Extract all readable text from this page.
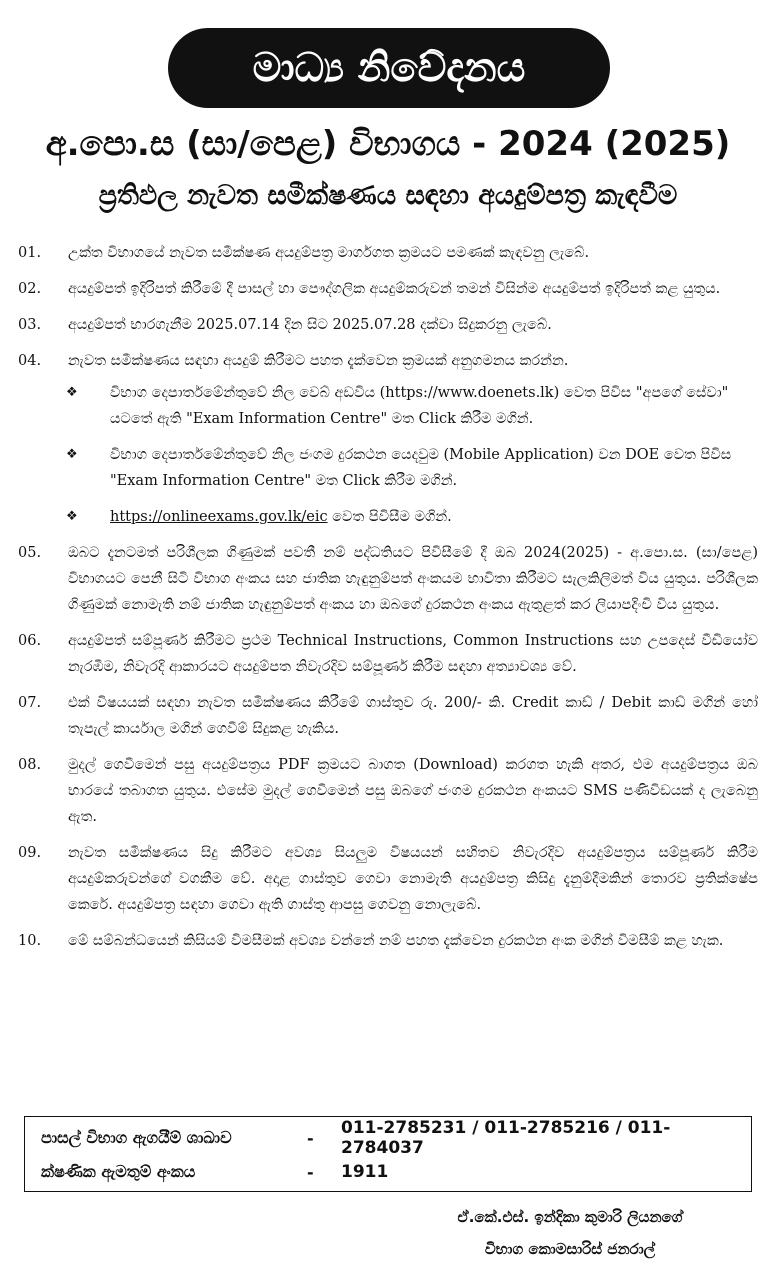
මාධ්‍ය නිවේදනය
අ.පො.ස (සා/පෙළ) විභාගය - 2024 (2025)
ප්‍රතිඵල නැවත සමීක්ෂණය සඳහා අයදුම්පත්‍ර කැඳවීම
01.	උක්ත විභාගයේ නැවත සමීක්ෂණ අයදුම්පත්‍ර මාර්ගගත ක්‍රමයට පමණක් කැඳවනු ලැබේ.
02.	අයදුම්පත් ඉදිරිපත් කිරීමේ දී පාසල් හා පෞද්ගලික අයදුම්කරුවන් තමන් විසින්ම අයදුම්පත් ඉදිරිපත් කළ යුතුය.
03.	අයදුම්පත් භාරගැනීම 2025.07.14 දින සිට 2025.07.28 දක්වා සිදුකරනු ලැබේ.
04.	නැවත සමීක්ෂණය සඳහා අයදුම් කිරීමට පහත දැක්වෙන ක්‍රමයක් අනුගමනය කරන්න.
❖	විභාග දෙපාර්තමේන්තුවේ නිල වෙබ් අඩවිය (https://www.doenets.lk) වෙත පිවිස "අපගේ සේවා" යටතේ ඇති "Exam Information Centre" මත Click කිරීම මගින්.
❖	විභාග දෙපාර්තමේන්තුවේ නිල ජංගම දුරකථන යෙදවුම (Mobile Application) වන DOE වෙත පිවිස "Exam Information Centre" මත Click කිරීම මගින්.
❖	https://onlineexams.gov.lk/eic වෙත පිවිසීම මගින්.
05.	ඔබට දැනටමත් පරිශීලක ගිණුමක් පවතී නම් පද්ධතියට පිවිසීමේ දී ඔබ 2024(2025) - අ.පො.ස. (සා/පෙළ) විභාගයට පෙනී සිටි විභාග අංකය සහ ජාතික හැඳුනුම්පත් අංකයම භාවිතා කිරීමට සැලකිලිමත් විය යුතුය. පරිශීලක ගිණුමක් නොමැති නම් ජාතික හැඳුනුම්පත් අංකය හා ඔබගේ දුරකථන අංකය ඇතුළත් කර ලියාපදිංචි විය යුතුය.
06.	අයදුම්පත් සම්පූර්ණ කිරීමට ප්‍රථම Technical Instructions, Common Instructions සහ උපදෙස් වීඩියෝව නැරඹීම, නිවැරදි ආකාරයට අයදුම්පත නිවැරදිව සම්පූර්ණ කිරීම සඳහා අත්‍යාවශ්‍ය වේ.
07.	එක් විෂයයක් සඳහා නැවත සමීක්ෂණය කිරීමේ ගාස්තුව රු. 200/- කි. Credit කාඩ් / Debit කාඩ් මගින් හෝ තැපැල් කාර්යාල මගින් ගෙවීම් සිදුකළ හැකිය.
08.	මුදල් ගෙවීමෙන් පසු අයදුම්පත්‍රය PDF ක්‍රමයට බාගත (Download) කරගත හැකි අතර, එම අයදුම්පත්‍රය ඔබ භාරයේ තබාගත යුතුය. එසේම මුදල් ගෙවීමෙන් පසු ඔබගේ ජංගම දුරකථන අංකයට SMS පණිවිඩයක් ද ලැබෙනු ඇත.
09.	නැවත සමීක්ෂණය සිදු කිරීමට අවශ්‍ය සියලුම විෂයයන් සහිතව නිවැරදිව අයදුම්පත්‍රය සම්පූර්ණ කිරීම අයදුම්කරුවන්ගේ වගකීම වේ. අදාළ ගාස්තුව ගෙවා නොමැති අයදුම්පත්‍ර කිසිදු දැනුම්දීමකින් තොරව ප්‍රතික්ෂේප කෙරේ. අයදුම්පත්‍ර සඳහා ගෙවා ඇති ගාස්තු ආපසු ගෙවනු නොලැබේ.
10.	මේ සම්බන්ධයෙන් කිසියම් විමසීමක් අවශ්‍ය වන්නේ නම් පහත දැක්වෙන දුරකථන අංක මගින් විමසීම් කළ හැක.
පාසල් විභාග ඇගයීම් ශාඛාව	- 011-2785231 / 011-2785216 / 011-2784037
ක්ෂණික ඇමතුම් අංකය	- 1911
ඒ.කේ.එස්. ඉන්දිකා කුමාරි ලියනගේ
විභාග කොමසාරිස් ජනරාල්
